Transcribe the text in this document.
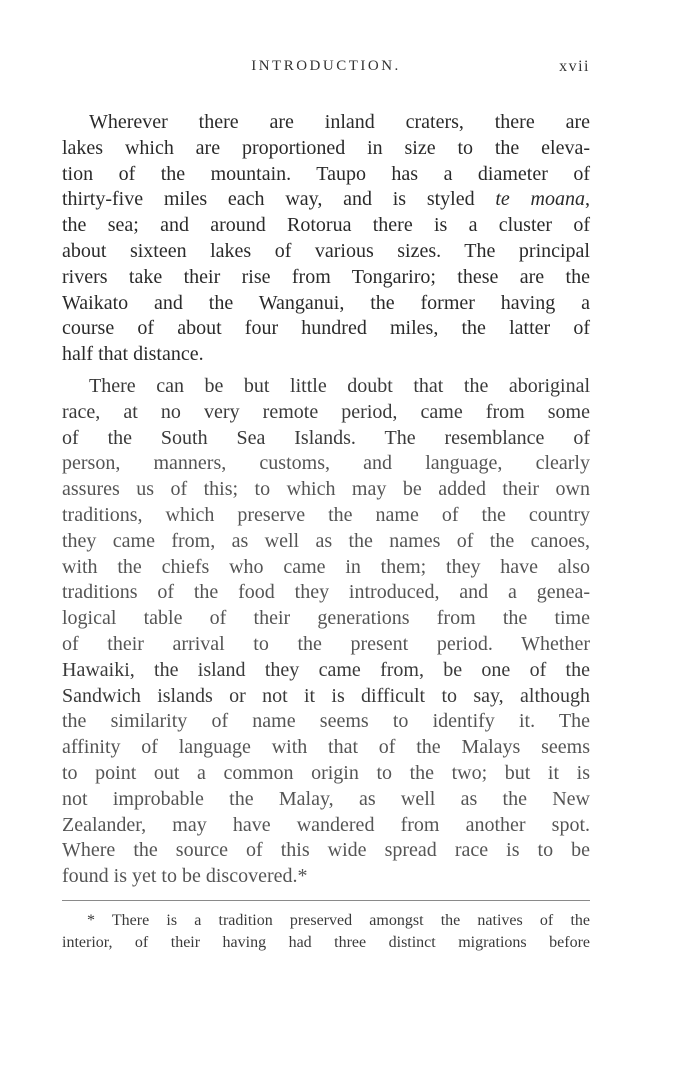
INTRODUCTION.	xvii
Wherever there are inland craters, there are
lakes which are proportioned in size to the eleva-
tion of the mountain. Taupo has a diameter of
thirty-five miles each way, and is styled te moana,
the sea; and around Rotorua there is a cluster of
about sixteen lakes of various sizes. The principal
rivers take their rise from Tongariro; these are the
Waikato and the Wanganui, the former having a
course of about four hundred miles, the latter of
half that distance.
There can be but little doubt that the aboriginal
race, at no very remote period, came from some
of the South Sea Islands. The resemblance of
person, manners, customs, and language, clearly
assures us of this; to which may be added their own
traditions, which preserve the name of the country
they came from, as well as the names of the canoes,
with the chiefs who came in them; they have also
traditions of the food they introduced, and a genea-
logical table of their generations from the time
of their arrival to the present period. Whether
Hawaiki, the island they came from, be one of the
Sandwich islands or not it is difficult to say, although
the similarity of name seems to identify it. The
affinity of language with that of the Malays seems
to point out a common origin to the two; but it is
not improbable the Malay, as well as the New
Zealander, may have wandered from another spot.
Where the source of this wide spread race is to be
found is yet to be discovered.*
* There is a tradition preserved amongst the natives of the
interior, of their having had three distinct migrations before
